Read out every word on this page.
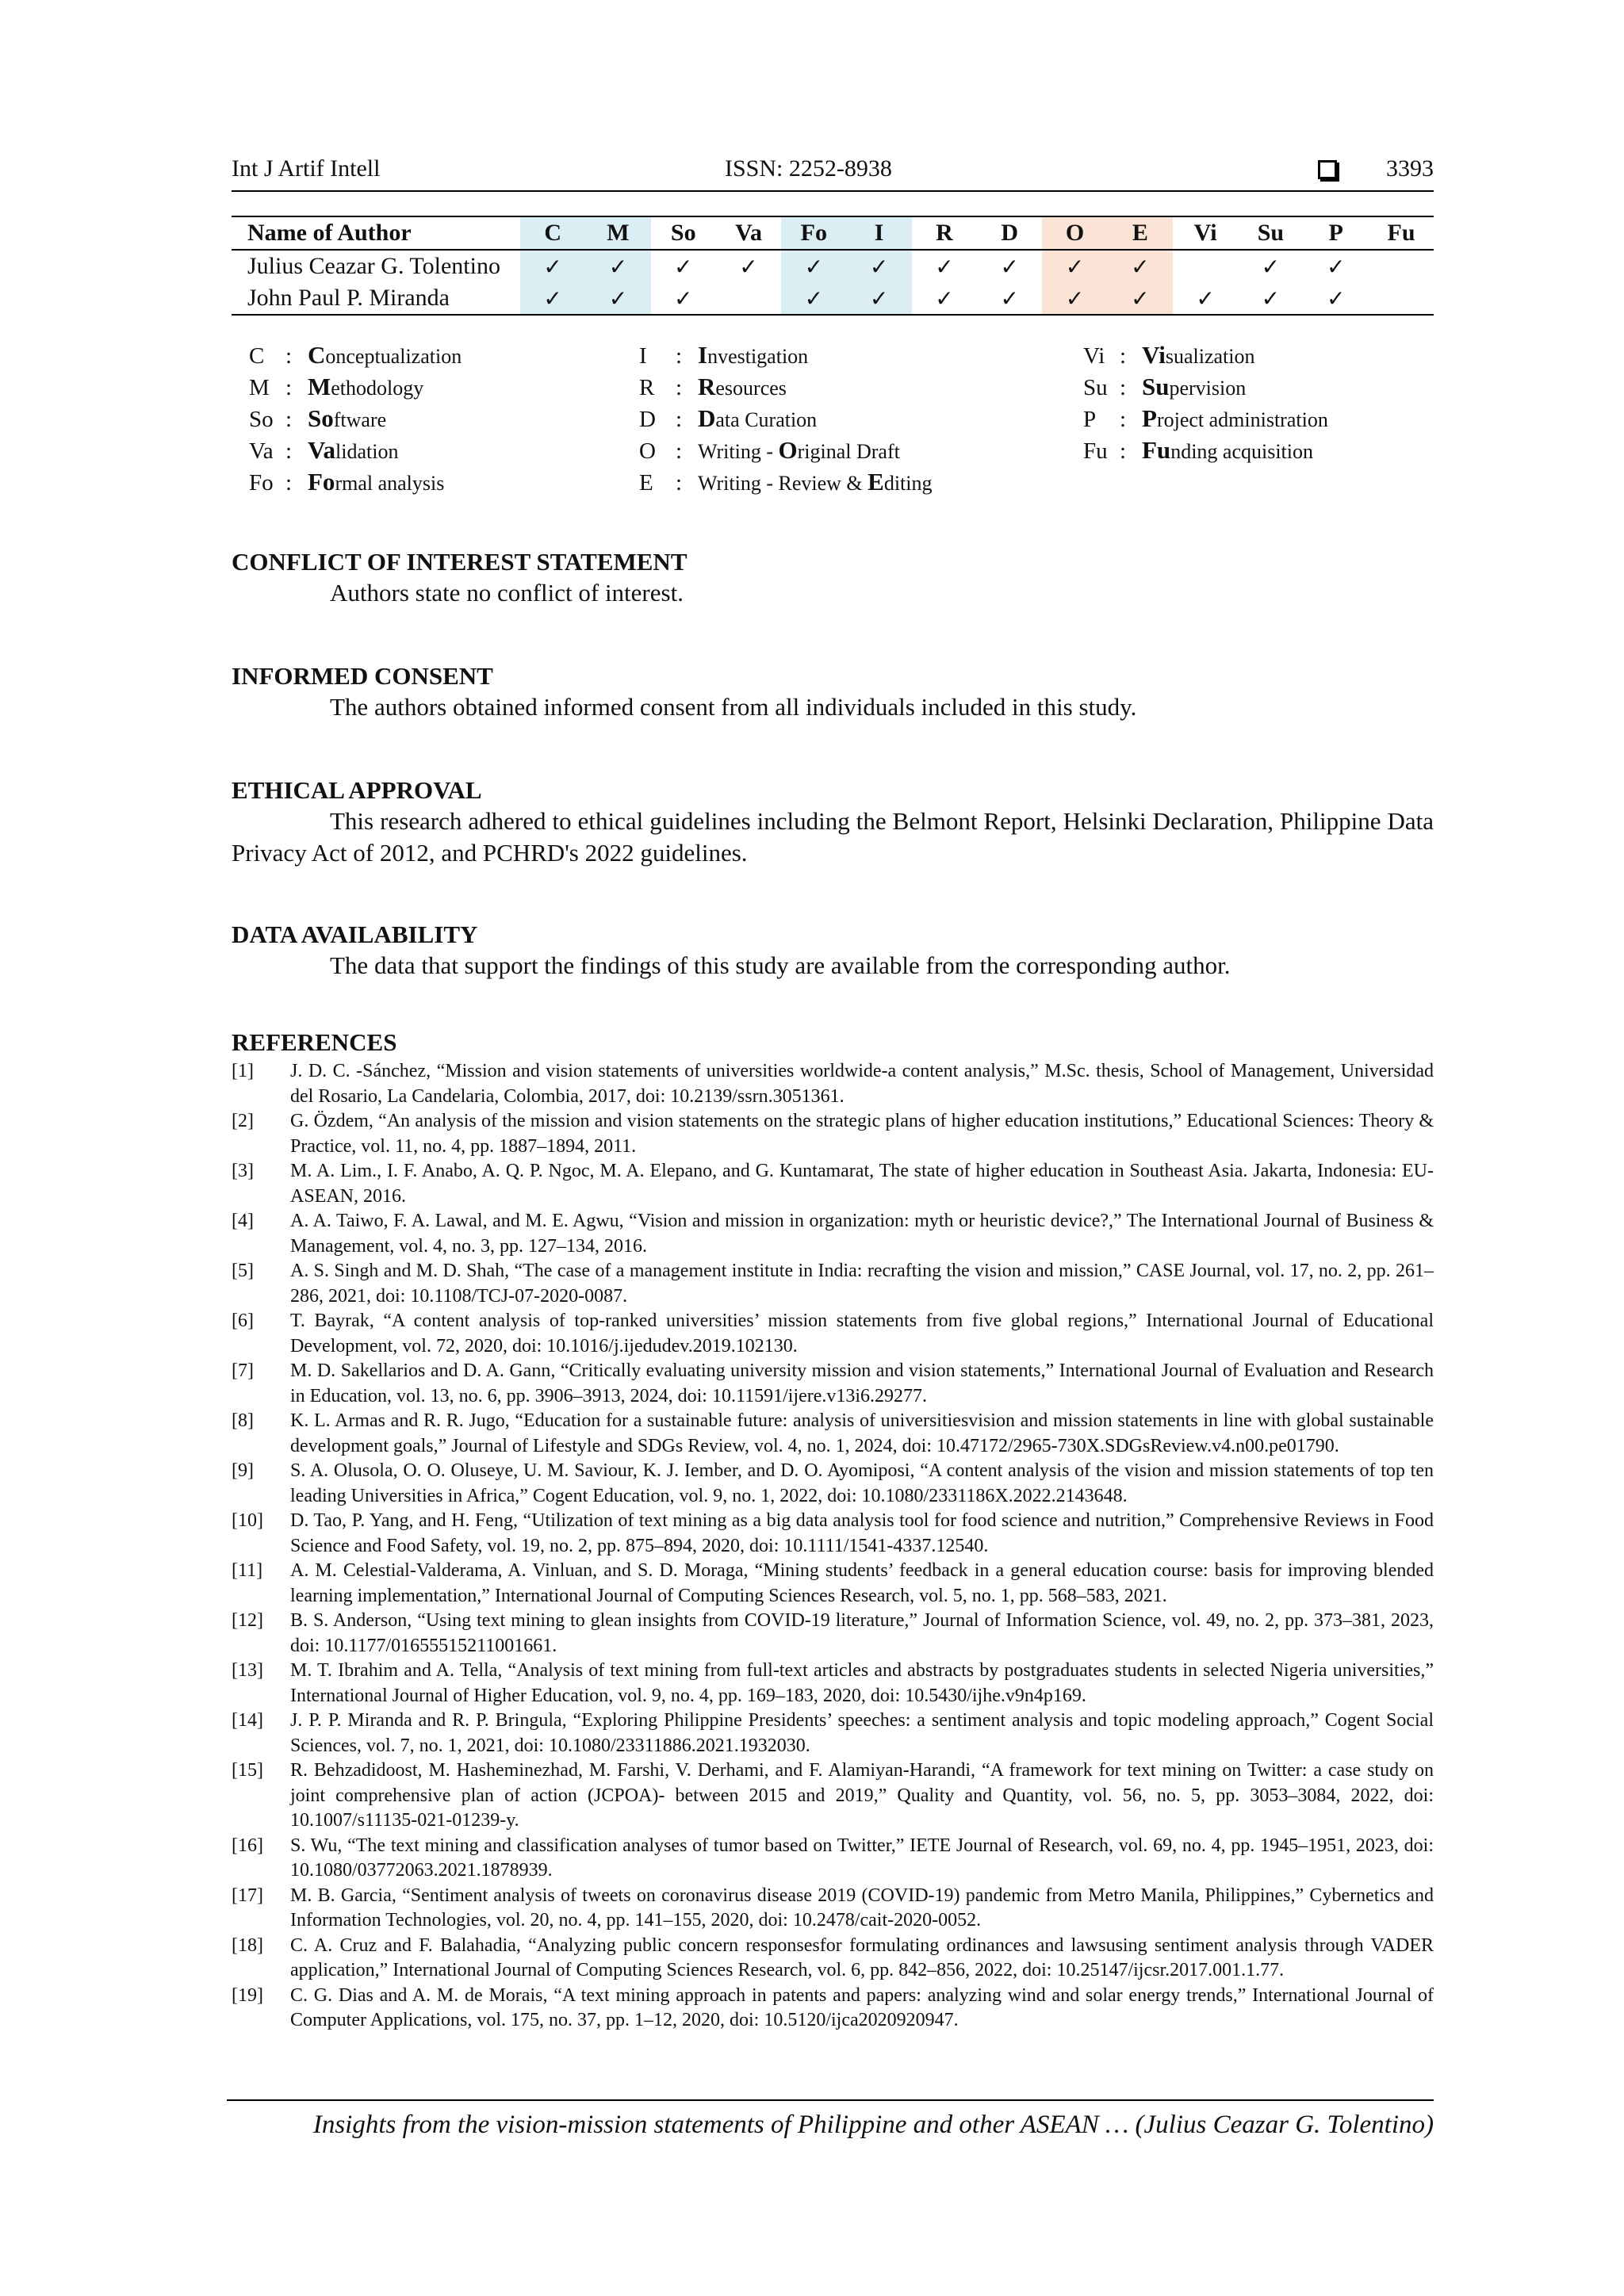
Int J Artif Intell	ISSN: 2252-8938	3393
Name of Author	C	M	So	Va	Fo	I	R	D	O	E	Vi	Su	P	Fu
Julius Ceazar G. Tolentino	✓	✓	✓	✓	✓	✓	✓	✓	✓	✓		✓	✓	
John Paul P. Miranda	✓	✓	✓		✓	✓	✓	✓	✓	✓	✓	✓	✓	
C : Conceptualization
M : Methodology
So : Software
Va : Validation
Fo : Formal analysis
I : Investigation
R : Resources
D : Data Curation
O : Writing - Original Draft
E : Writing - Review & Editing
Vi : Visualization
Su : Supervision
P : Project administration
Fu : Funding acquisition
CONFLICT OF INTEREST STATEMENT

Authors state no conflict of interest.

INFORMED CONSENT

The authors obtained informed consent from all individuals included in this study.

ETHICAL APPROVAL

This research adhered to ethical guidelines including the Belmont Report, Helsinki Declaration, Philippine Data Privacy Act of 2012, and PCHRD's 2022 guidelines.

DATA AVAILABILITY

The data that support the findings of this study are available from the corresponding author.

REFERENCES
[1] J. D. C. -Sánchez, “Mission and vision statements of universities worldwide-a content analysis,” M.Sc. thesis, School of Management, Universidad del Rosario, La Candelaria, Colombia, 2017, doi: 10.2139/ssrn.3051361.
[2] G. Özdem, “An analysis of the mission and vision statements on the strategic plans of higher education institutions,” Educational Sciences: Theory & Practice, vol. 11, no. 4, pp. 1887–1894, 2011.
[3] M. A. Lim., I. F. Anabo, A. Q. P. Ngoc, M. A. Elepano, and G. Kuntamarat, The state of higher education in Southeast Asia. Jakarta, Indonesia: EU-ASEAN, 2016.
[4] A. A. Taiwo, F. A. Lawal, and M. E. Agwu, “Vision and mission in organization: myth or heuristic device?,” The International Journal of Business & Management, vol. 4, no. 3, pp. 127–134, 2016.
[5] A. S. Singh and M. D. Shah, “The case of a management institute in India: recrafting the vision and mission,” CASE Journal, vol. 17, no. 2, pp. 261–286, 2021, doi: 10.1108/TCJ-07-2020-0087.
[6] T. Bayrak, “A content analysis of top-ranked universities’ mission statements from five global regions,” International Journal of Educational Development, vol. 72, 2020, doi: 10.1016/j.ijedudev.2019.102130.
[7] M. D. Sakellarios and D. A. Gann, “Critically evaluating university mission and vision statements,” International Journal of Evaluation and Research in Education, vol. 13, no. 6, pp. 3906–3913, 2024, doi: 10.11591/ijere.v13i6.29277.
[8] K. L. Armas and R. R. Jugo, “Education for a sustainable future: analysis of universitiesvision and mission statements in line with global sustainable development goals,” Journal of Lifestyle and SDGs Review, vol. 4, no. 1, 2024, doi: 10.47172/2965-730X.SDGsReview.v4.n00.pe01790.
[9] S. A. Olusola, O. O. Oluseye, U. M. Saviour, K. J. Iember, and D. O. Ayomiposi, “A content analysis of the vision and mission statements of top ten leading Universities in Africa,” Cogent Education, vol. 9, no. 1, 2022, doi: 10.1080/2331186X.2022.2143648.
[10] D. Tao, P. Yang, and H. Feng, “Utilization of text mining as a big data analysis tool for food science and nutrition,” Comprehensive Reviews in Food Science and Food Safety, vol. 19, no. 2, pp. 875–894, 2020, doi: 10.1111/1541-4337.12540.
[11] A. M. Celestial-Valderama, A. Vinluan, and S. D. Moraga, “Mining students’ feedback in a general education course: basis for improving blended learning implementation,” International Journal of Computing Sciences Research, vol. 5, no. 1, pp. 568–583, 2021.
[12] B. S. Anderson, “Using text mining to glean insights from COVID-19 literature,” Journal of Information Science, vol. 49, no. 2, pp. 373–381, 2023, doi: 10.1177/01655515211001661.
[13] M. T. Ibrahim and A. Tella, “Analysis of text mining from full-text articles and abstracts by postgraduates students in selected Nigeria universities,” International Journal of Higher Education, vol. 9, no. 4, pp. 169–183, 2020, doi: 10.5430/ijhe.v9n4p169.
[14] J. P. P. Miranda and R. P. Bringula, “Exploring Philippine Presidents’ speeches: a sentiment analysis and topic modeling approach,” Cogent Social Sciences, vol. 7, no. 1, 2021, doi: 10.1080/23311886.2021.1932030.
[15] R. Behzadidoost, M. Hasheminezhad, M. Farshi, V. Derhami, and F. Alamiyan-Harandi, “A framework for text mining on Twitter: a case study on joint comprehensive plan of action (JCPOA)- between 2015 and 2019,” Quality and Quantity, vol. 56, no. 5, pp. 3053–3084, 2022, doi: 10.1007/s11135-021-01239-y.
[16] S. Wu, “The text mining and classification analyses of tumor based on Twitter,” IETE Journal of Research, vol. 69, no. 4, pp. 1945–1951, 2023, doi: 10.1080/03772063.2021.1878939.
[17] M. B. Garcia, “Sentiment analysis of tweets on coronavirus disease 2019 (COVID-19) pandemic from Metro Manila, Philippines,” Cybernetics and Information Technologies, vol. 20, no. 4, pp. 141–155, 2020, doi: 10.2478/cait-2020-0052.
[18] C. A. Cruz and F. Balahadia, “Analyzing public concern responsesfor formulating ordinances and lawsusing sentiment analysis through VADER application,” International Journal of Computing Sciences Research, vol. 6, pp. 842–856, 2022, doi: 10.25147/ijcsr.2017.001.1.77.
[19] C. G. Dias and A. M. de Morais, “A text mining approach in patents and papers: analyzing wind and solar energy trends,” International Journal of Computer Applications, vol. 175, no. 37, pp. 1–12, 2020, doi: 10.5120/ijca2020920947.
Insights from the vision-mission statements of Philippine and other ASEAN … (Julius Ceazar G. Tolentino)
